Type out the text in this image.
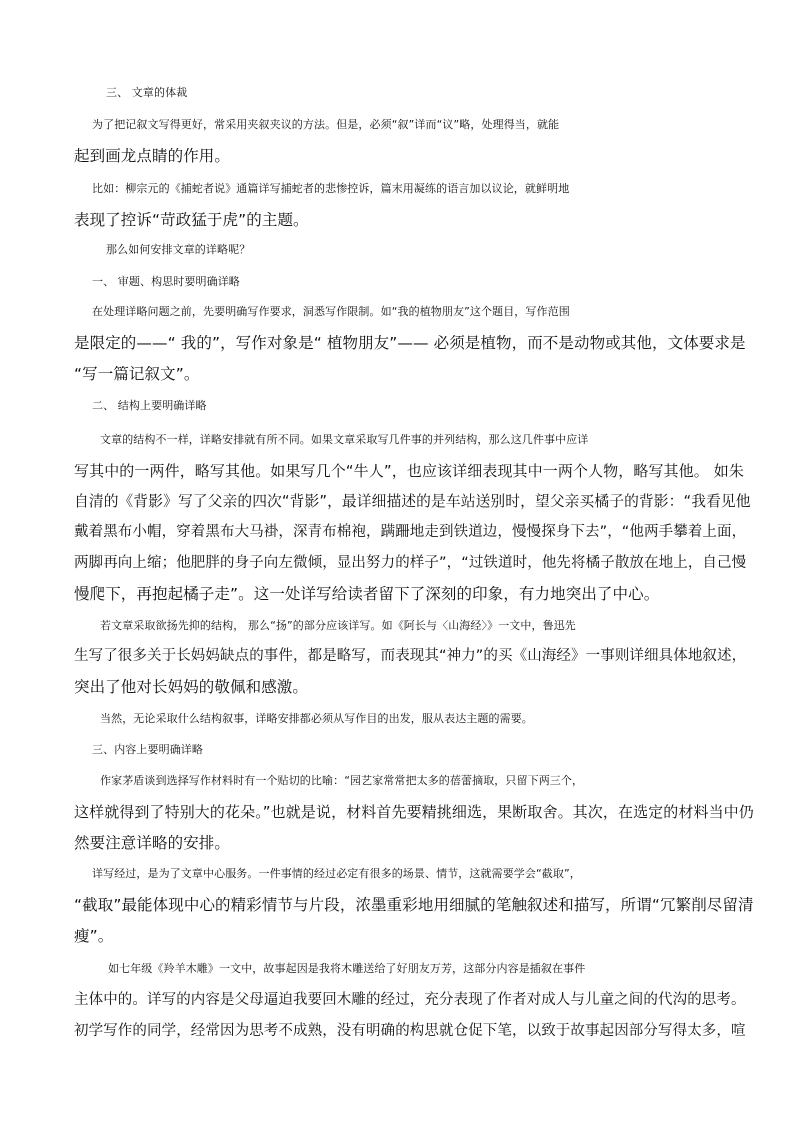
三、 文章的体裁
为了把记叙文写得更好，常采用夹叙夹议的方法。但是，必须“叙”详而“议”略，处理得当，就能
起到画龙点睛的作用。
比如：柳宗元的《捕蛇者说》通篇详写捕蛇者的悲惨控诉，篇末用凝练的语言加以议论，就鲜明地
表现了控诉“苛政猛于虎”的主题。
那么如何安排文章的详略呢？
一、 审题、构思时要明确详略
在处理详略问题之前，先要明确写作要求，洞悉写作限制。如“我的植物朋友”这个题目，写作范围
是限定的——“ 我的”，写作对象是“ 植物朋友”—— 必须是植物，而不是动物或其他，文体要求是
“写一篇记叙文”。
二、 结构上要明确详略
文章的结构不一样，详略安排就有所不同。如果文章采取写几件事的并列结构，那么这几件事中应详
写其中的一两件，略写其他。如果写几个“牛人”，也应该详细表现其中一两个人物，略写其他。 如朱
自清的《背影》写了父亲的四次“背影”，最详细描述的是车站送别时，望父亲买橘子的背影：“我看见他
戴着黑布小帽，穿着黑布大马褂，深青布棉袍，蹒跚地走到铁道边，慢慢探身下去”，“他两手攀着上面，
两脚再向上缩；他肥胖的身子向左微倾，显出努力的样子”，“过铁道时，他先将橘子散放在地上，自己慢
慢爬下，再抱起橘子走”。这一处详写给读者留下了深刻的印象，有力地突出了中心。
若文章采取欲扬先抑的结构， 那么“扬”的部分应该详写。如《阿长与〈山海经〉》一文中，鲁迅先
生写了很多关于长妈妈缺点的事件，都是略写，而表现其“神力”的买《山海经》一事则详细具体地叙述，
突出了他对长妈妈的敬佩和感激。
当然，无论采取什么结构叙事，详略安排都必须从写作目的出发，服从表达主题的需要。
三、内容上要明确详略
作家茅盾谈到选择写作材料时有一个贴切的比喻：“园艺家常常把太多的蓓蕾摘取，只留下两三个，
这样就得到了特别大的花朵。”也就是说，材料首先要精挑细选，果断取舍。其次，在选定的材料当中仍
然要注意详略的安排。
详写经过，是为了文章中心服务。一件事情的经过必定有很多的场景、情节，这就需要学会“截取”，
“截取”最能体现中心的精彩情节与片段，浓墨重彩地用细腻的笔触叙述和描写，所谓“冗繁削尽留清
瘦”。
如七年级《羚羊木雕》一文中，故事起因是我将木雕送给了好朋友万芳，这部分内容是插叙在事件
主体中的。详写的内容是父母逼迫我要回木雕的经过，充分表现了作者对成人与儿童之间的代沟的思考。
初学写作的同学，经常因为思考不成熟，没有明确的构思就仓促下笔，以致于故事起因部分写得太多，喧
